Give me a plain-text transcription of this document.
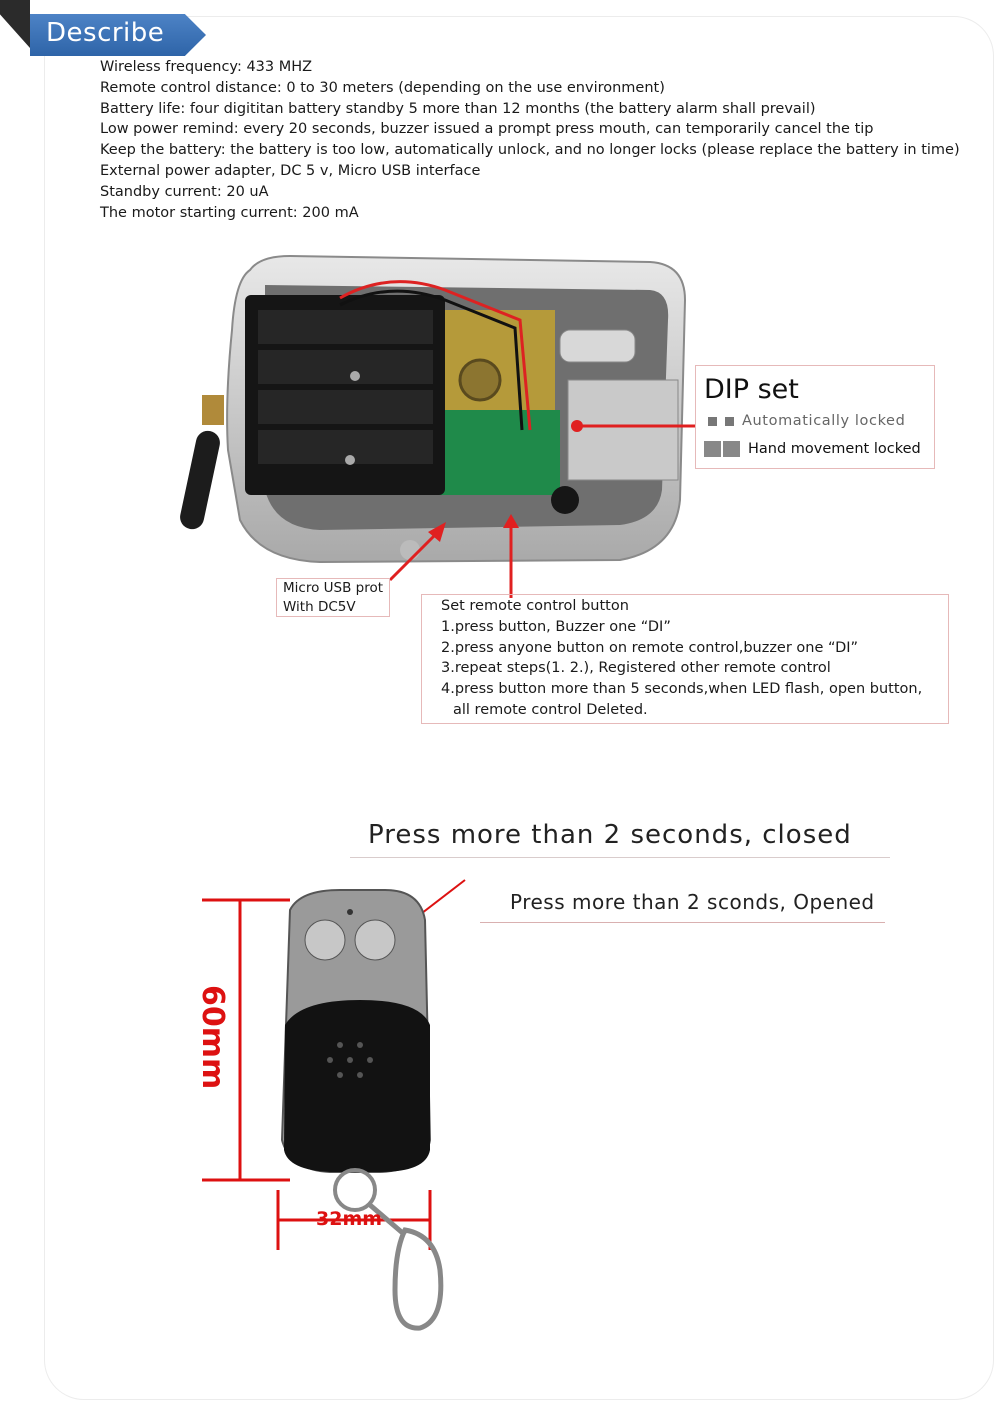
Describe
Wireless frequency: 433 MHZ
Remote control distance: 0 to 30 meters (depending on the use environment)
Battery life: four digititan battery standby 5 more than 12 months (the battery alarm shall prevail)
Low power remind: every 20 seconds, buzzer issued a prompt press mouth, can temporarily cancel the tip
Keep the battery: the battery is too low, automatically unlock, and no longer locks (please replace the battery in time)
External power adapter, DC 5 v, Micro USB interface
Standby current: 20 uA
The motor starting current: 200 mA
DIP set
Automatically locked
Hand movement locked
Micro USB prot
With DC5V	Set remote control button
1.press button, Buzzer one “DI”
2.press anyone button on remote control,buzzer one “DI”
3.repeat steps(1. 2.), Registered other remote control
4.press button more than 5 seconds,when LED flash, open button,
all remote control Deleted.
Press more than 2 seconds, closed
Press more than 2 sconds, Opened
60mm
32mm
